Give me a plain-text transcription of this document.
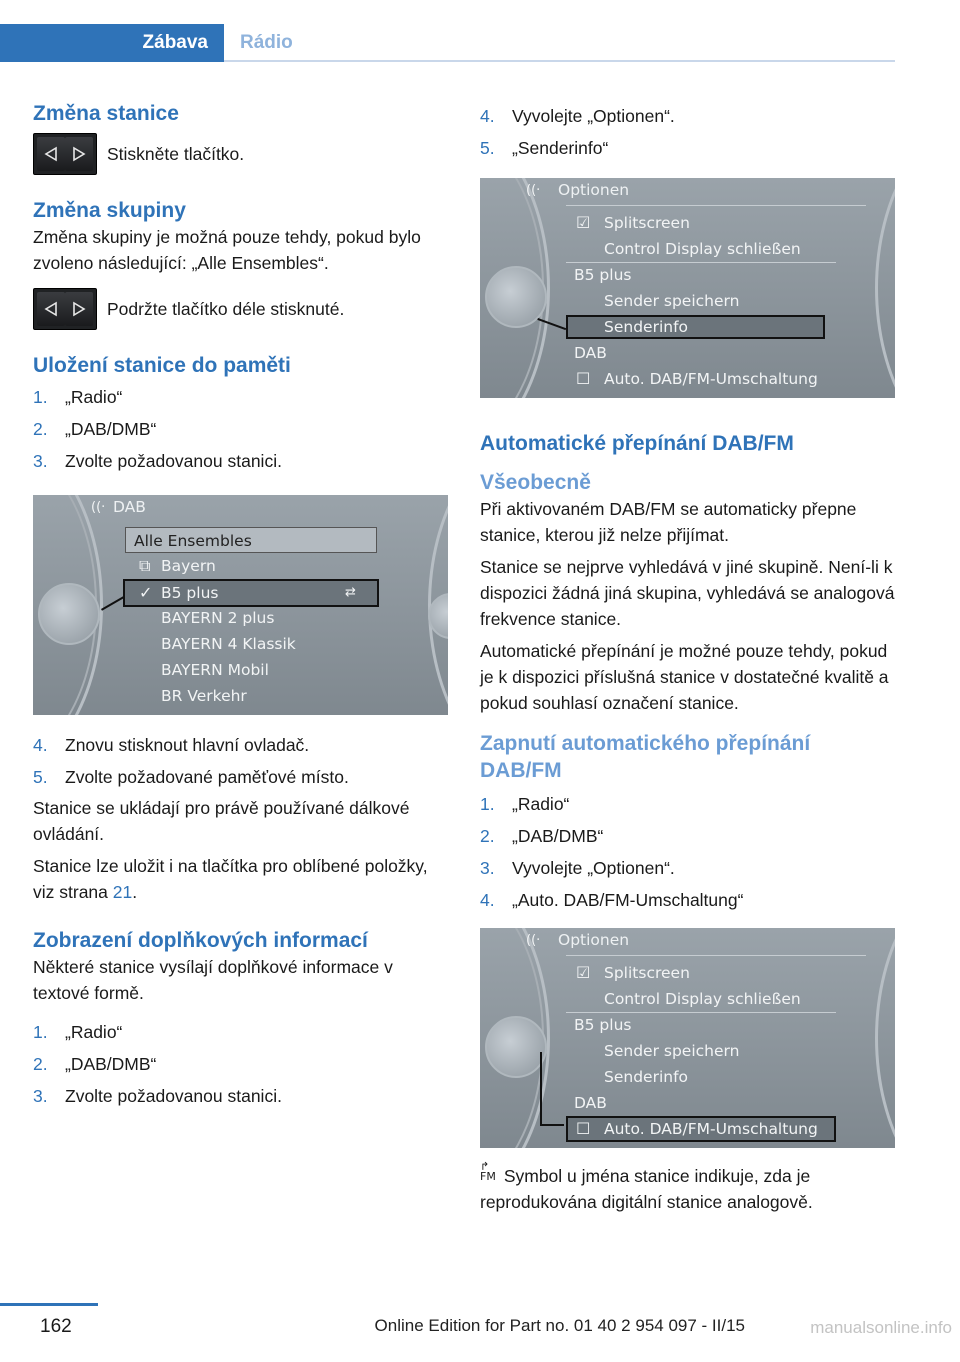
Zábava	Rádio
Změna stanice

Stiskněte tlačítko.

Změna skupiny

Změna skupiny je možná pouze tehdy, pokud bylo zvoleno následující: „Alle Ensembles“.

Podržte tlačítko déle stisknuté.

Uložení stanice do paměti
1. „Radio“
2. „DAB/DMB“
3. Zvolte požadovanou stanici.
((· DAB
Alle Ensembles
⧉ Bayern
B5 plus
✓	⇄
BAYERN 2 plus
BAYERN 4 Klassik
BAYERN Mobil
BR Verkehr
4. Znovu stisknout hlavní ovladač.
5. Zvolte požadované paměťové místo.

Stanice se ukládají pro právě používané dálkové ovládání.

Stanice lze uložit i na tlačítka pro oblíbené položky, viz strana 21.

Zobrazení doplňkových informací

Některé stanice vysílají doplňkové informace v textové formě.

1. „Radio“
2. „DAB/DMB“
3. Zvolte požadovanou stanici.
4. Vyvolejte „Optionen“.
5. „Senderinfo“
((· Optionen
☑ Splitscreen
Control Display schließen
B5 plus
Sender speichern
Senderinfo
DAB
☐ Auto. DAB/FM-Umschaltung
Automatické přepínání DAB/FM
Všeobecně

Při aktivovaném DAB/FM se automaticky přepne stanice, kterou již nelze přijímat.

Stanice se nejprve vyhledává v jiné skupině. Není-li k dispozici žádná jiná skupina, vyhledává se analogová frekvence stanice.

Automatické přepínání je možné pouze tehdy, pokud je k dispozici příslušná stanice v dostatečné kvalitě a pokud souhlasí označení stanice.

Zapnutí automatického přepínání DAB/FM
1. „Radio“
2. „DAB/DMB“
3. Vyvolejte „Optionen“.
4. „Auto. DAB/FM-Umschaltung“
((· Optionen
☑ Splitscreen
Control Display schließen
B5 plus
Sender speichern
Senderinfo
DAB
Auto. DAB/FM-Umschaltung
☐

↱
FM Symbol u jména stanice indikuje, zda je reprodukována digitální stanice analogově.

162	Online Edition for Part no. 01 40 2 954 097 - II/15	manualsonline.info
